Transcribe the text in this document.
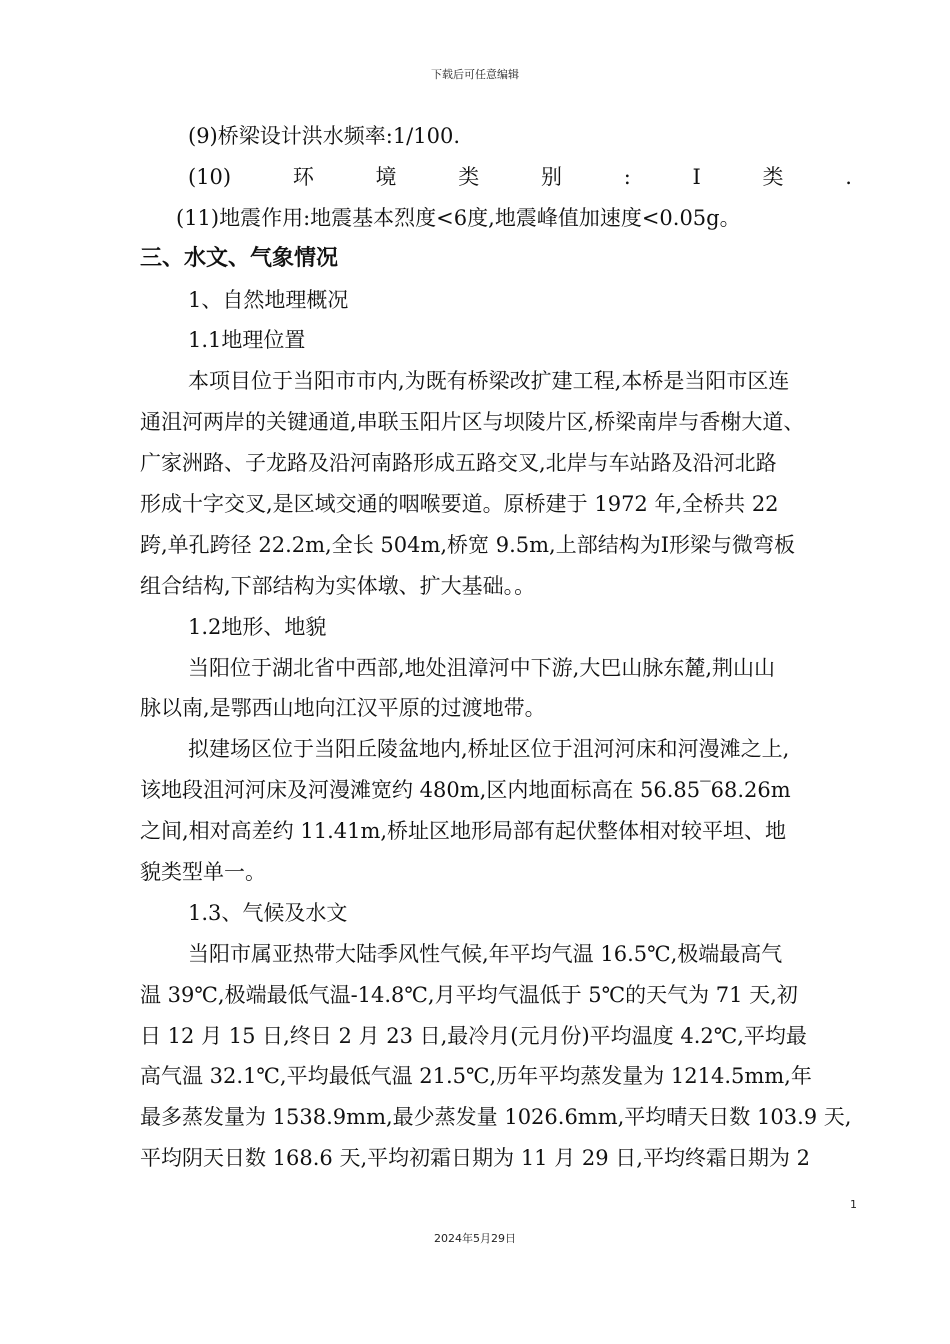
下载后可任意编辑
(9)桥梁设计洪水频率:1/100.
(10)	环	境	类	别	:	Ⅰ	类	.
(11)地震作用:地震基本烈度<6度,地震峰值加速度<0.05g。
三、水文、气象情况
1、自然地理概况
1.1地理位置
本项目位于当阳市市内,为既有桥梁改扩建工程,本桥是当阳市区连
通沮河两岸的关键通道,串联玉阳片区与坝陵片区,桥梁南岸与香榭大道、
广家洲路、子龙路及沿河南路形成五路交叉,北岸与车站路及沿河北路
形成十字交叉,是区域交通的咽喉要道。原桥建于 1972 年,全桥共 22
跨,单孔跨径 22.2m,全长 504m,桥宽 9.5m,上部结构为Ⅰ形梁与微弯板
组合结构,下部结构为实体墩、扩大基础。。
1.2地形、地貌
当阳位于湖北省中西部,地处沮漳河中下游,大巴山脉东麓,荆山山
脉以南,是鄂西山地向江汉平原的过渡地带。
拟建场区位于当阳丘陵盆地内,桥址区位于沮河河床和河漫滩之上,
该地段沮河河床及河漫滩宽约 480m,区内地面标高在 56.85‾68.26m
之间,相对高差约 11.41m,桥址区地形局部有起伏整体相对较平坦、地
貌类型单一。
1.3、气候及水文
当阳市属亚热带大陆季风性气候,年平均气温 16.5℃,极端最高气
温 39℃,极端最低气温-14.8℃,月平均气温低于 5℃的天气为 71 天,初
日 12 月 15 日,终日 2 月 23 日,最冷月(元月份)平均温度 4.2℃,平均最
高气温 32.1℃,平均最低气温 21.5℃,历年平均蒸发量为 1214.5mm,年
最多蒸发量为 1538.9mm,最少蒸发量 1026.6mm,平均晴天日数 103.9 天,
平均阴天日数 168.6 天,平均初霜日期为 11 月 29 日,平均终霜日期为 2
1
2024年5月29日
